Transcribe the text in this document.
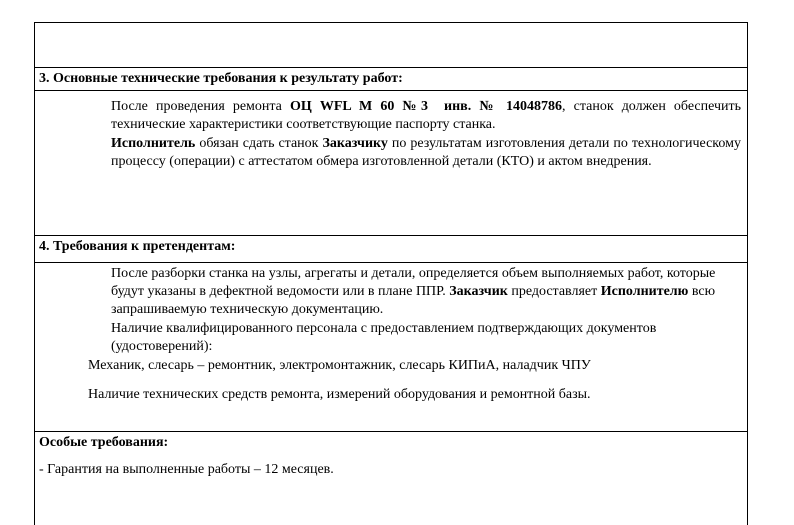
3. Основные технические требования к результату работ:
После проведения ремонта ОЦ WFL M 60 №3 инв. № 14048786, станок должен обеспечить технические характеристики соответствующие паспорту станка.
Исполнитель обязан сдать станок Заказчику по результатам изготовления детали по технологическому процессу (операции) с аттестатом обмера изготовленной детали (КТО) и актом внедрения.
4. Требования к претендентам:
После разборки станка на узлы, агрегаты и детали, определяется объем выполняемых работ, которые будут указаны в дефектной ведомости или в плане ППР. Заказчик предоставляет Исполнителю всю запрашиваемую техническую документацию.
Наличие квалифицированного персонала с предоставлением подтверждающих документов (удостоверений):
Механик, слесарь – ремонтник, электромонтажник, слесарь КИПиА, наладчик ЧПУ
Наличие технических средств ремонта, измерений оборудования и ремонтной базы.
Особые требования:
- Гарантия на выполненные работы – 12 месяцев.
